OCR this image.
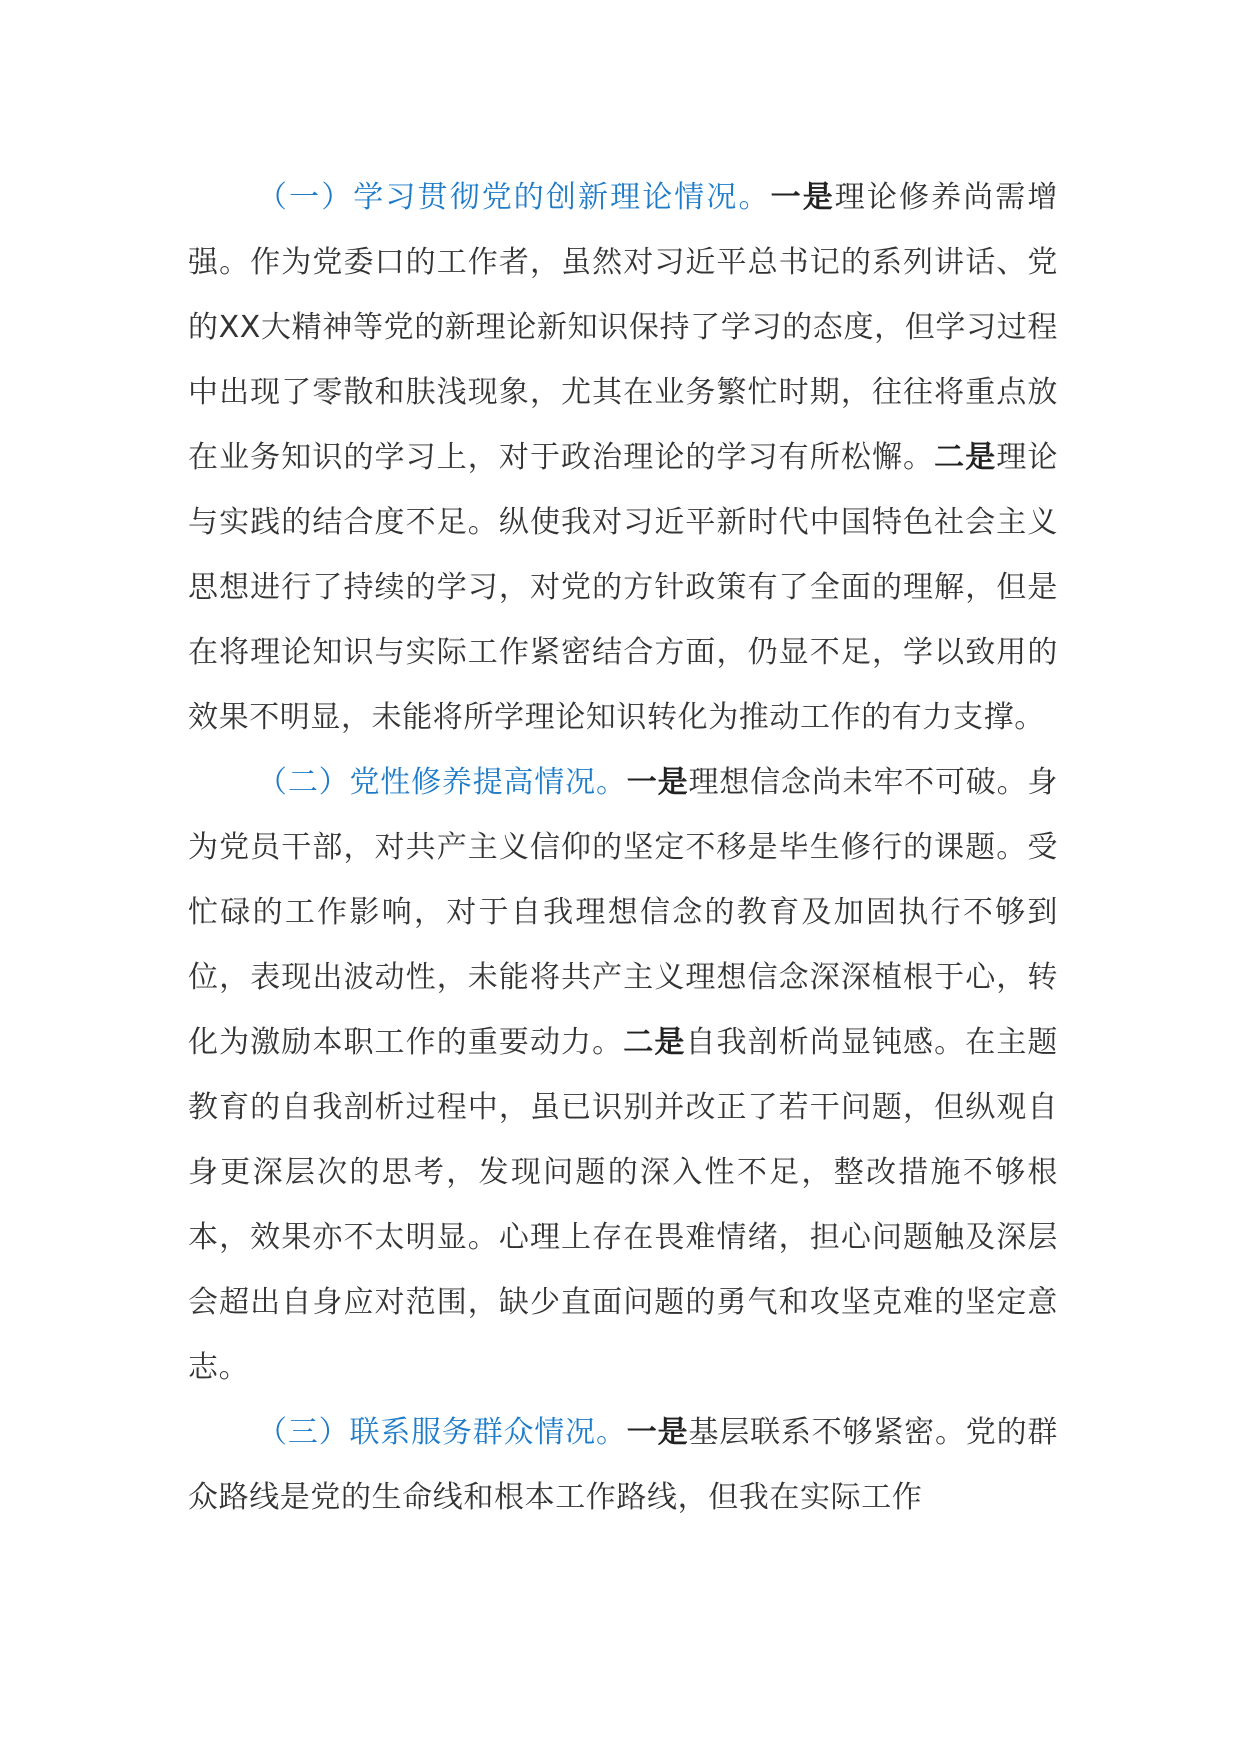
（一）学习贯彻党的创新理论情况。一是理论修养尚需增强。作为党委口的工作者，虽然对习近平总书记的系列讲话、党的XX大精神等党的新理论新知识保持了学习的态度，但学习过程中出现了零散和肤浅现象，尤其在业务繁忙时期，往往将重点放在业务知识的学习上，对于政治理论的学习有所松懈。二是理论与实践的结合度不足。纵使我对习近平新时代中国特色社会主义思想进行了持续的学习，对党的方针政策有了全面的理解，但是在将理论知识与实际工作紧密结合方面，仍显不足，学以致用的效果不明显，未能将所学理论知识转化为推动工作的有力支撑。

（二）党性修养提高情况。一是理想信念尚未牢不可破。身为党员干部，对共产主义信仰的坚定不移是毕生修行的课题。受忙碌的工作影响，对于自我理想信念的教育及加固执行不够到位，表现出波动性，未能将共产主义理想信念深深植根于心，转化为激励本职工作的重要动力。二是自我剖析尚显钝感。在主题教育的自我剖析过程中，虽已识别并改正了若干问题，但纵观自身更深层次的思考，发现问题的深入性不足，整改措施不够根本，效果亦不太明显。心理上存在畏难情绪，担心问题触及深层会超出自身应对范围，缺少直面问题的勇气和攻坚克难的坚定意志。

（三）联系服务群众情况。一是基层联系不够紧密。党的群众路线是党的生命线和根本工作路线，但我在实际工作
